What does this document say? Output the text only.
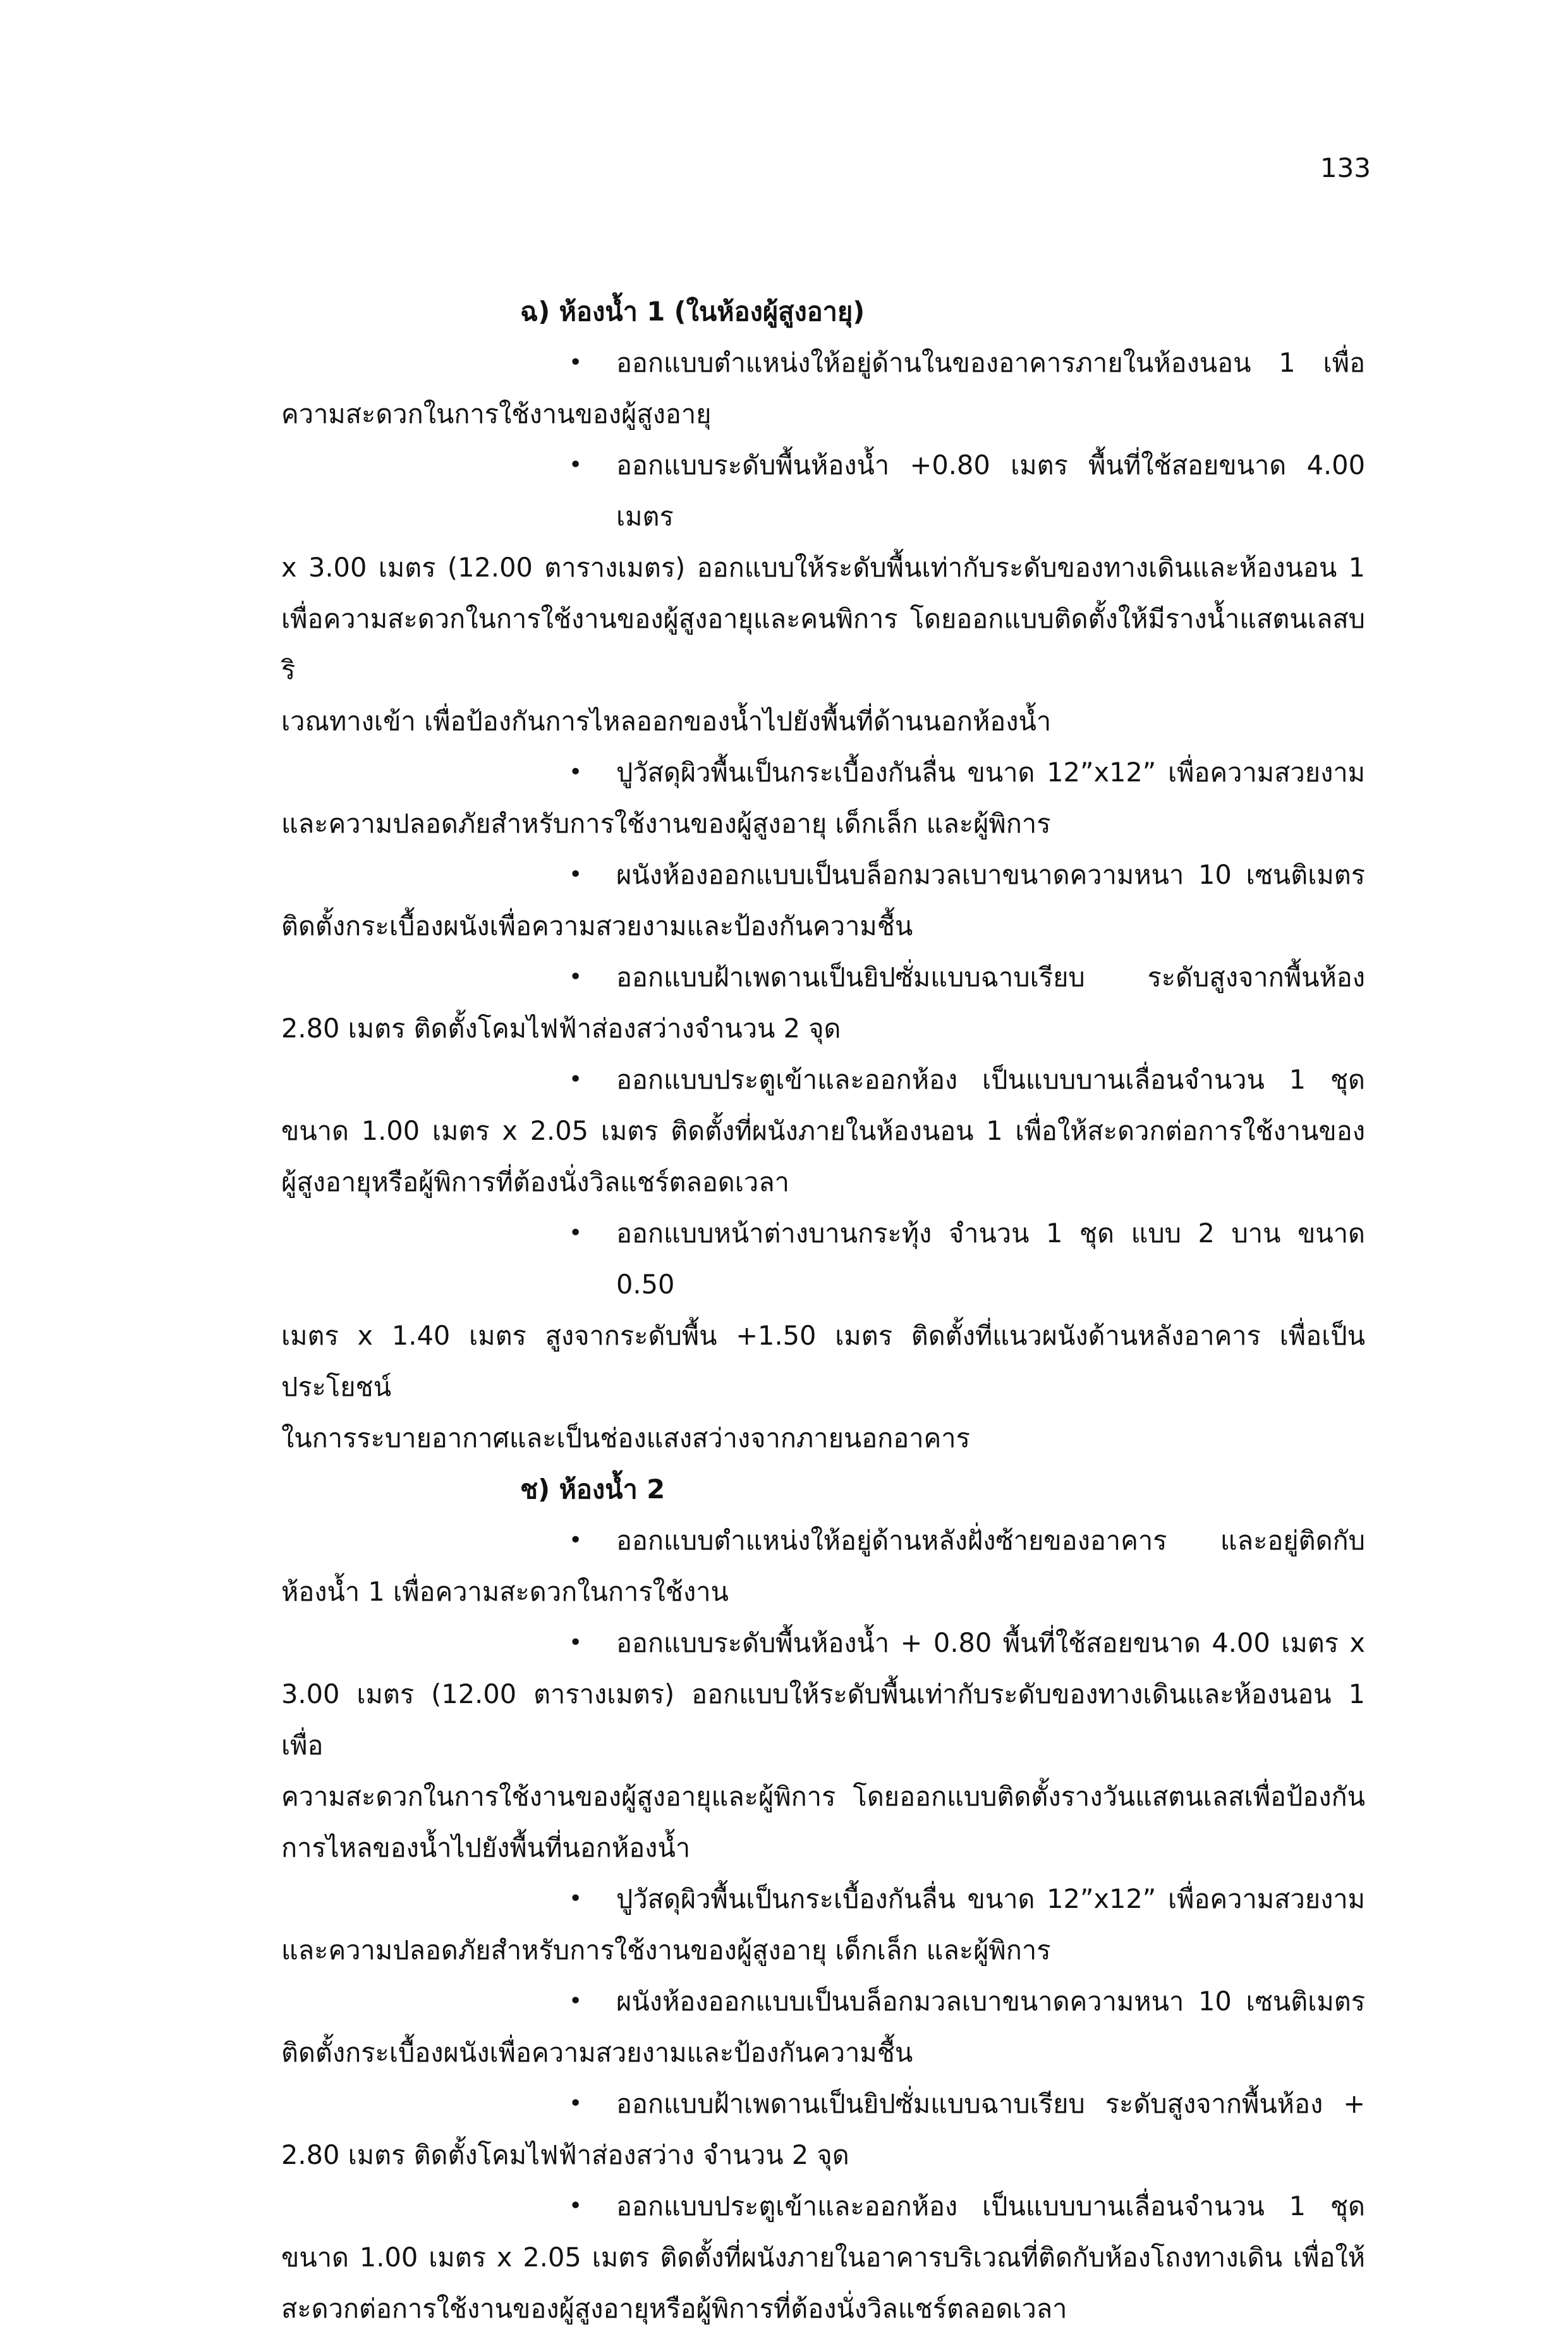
133
ฉ) ห้องน้ำ 1 (ในห้องผู้สูงอายุ)
•	ออกแบบตำแหน่งให้อยู่ด้านในของอาคารภายในห้องนอน 1 เพื่อ
ความสะดวกในการใช้งานของผู้สูงอายุ
•	ออกแบบระดับพื้นห้องน้ำ +0.80 เมตร พื้นที่ใช้สอยขนาด 4.00 เมตร
x 3.00 เมตร (12.00 ตารางเมตร) ออกแบบให้ระดับพื้นเท่ากับระดับของทางเดินและห้องนอน 1
เพื่อความสะดวกในการใช้งานของผู้สูงอายุและคนพิการ โดยออกแบบติดตั้งให้มีรางน้ำแสตนเลสบริ
เวณทางเข้า เพื่อป้องกันการไหลออกของน้ำไปยังพื้นที่ด้านนอกห้องน้ำ
•	ปูวัสดุผิวพื้นเป็นกระเบื้องกันลื่น ขนาด 12”x12” เพื่อความสวยงาม
และความปลอดภัยสำหรับการใช้งานของผู้สูงอายุ เด็กเล็ก และผู้พิการ
•	ผนังห้องออกแบบเป็นบล็อกมวลเบาขนาดความหนา 10 เซนติเมตร
ติดตั้งกระเบื้องผนังเพื่อความสวยงามและป้องกันความชื้น
•	ออกแบบฝ้าเพดานเป็นยิปซั่มแบบฉาบเรียบ ระดับสูงจากพื้นห้อง
2.80 เมตร ติดตั้งโคมไฟฟ้าส่องสว่างจำนวน 2 จุด
•	ออกแบบประตูเข้าและออกห้อง เป็นแบบบานเลื่อนจำนวน 1 ชุด
ขนาด 1.00 เมตร x 2.05 เมตร ติดตั้งที่ผนังภายในห้องนอน 1 เพื่อให้สะดวกต่อการใช้งานของ
ผู้สูงอายุหรือผู้พิการที่ต้องนั่งวิลแชร์ตลอดเวลา
•	ออกแบบหน้าต่างบานกระทุ้ง จำนวน 1 ชุด แบบ 2 บาน ขนาด 0.50
เมตร x 1.40 เมตร สูงจากระดับพื้น +1.50 เมตร ติดตั้งที่แนวผนังด้านหลังอาคาร เพื่อเป็นประโยชน์
ในการระบายอากาศและเป็นช่องแสงสว่างจากภายนอกอาคาร
ช) ห้องน้ำ 2
•	ออกแบบตำแหน่งให้อยู่ด้านหลังฝั่งซ้ายของอาคาร และอยู่ติดกับ
ห้องน้ำ 1 เพื่อความสะดวกในการใช้งาน
•	ออกแบบระดับพื้นห้องน้ำ + 0.80 พื้นที่ใช้สอยขนาด 4.00 เมตร x
3.00 เมตร (12.00 ตารางเมตร) ออกแบบให้ระดับพื้นเท่ากับระดับของทางเดินและห้องนอน 1 เพื่อ
ความสะดวกในการใช้งานของผู้สูงอายุและผู้พิการ โดยออกแบบติดตั้งรางวันแสตนเลสเพื่อป้องกัน
การไหลของน้ำไปยังพื้นที่นอกห้องน้ำ
•	ปูวัสดุผิวพื้นเป็นกระเบื้องกันลื่น ขนาด 12”x12” เพื่อความสวยงาม
และความปลอดภัยสำหรับการใช้งานของผู้สูงอายุ เด็กเล็ก และผู้พิการ
•	ผนังห้องออกแบบเป็นบล็อกมวลเบาขนาดความหนา 10 เซนติเมตร
ติดตั้งกระเบื้องผนังเพื่อความสวยงามและป้องกันความชื้น
•	ออกแบบฝ้าเพดานเป็นยิปซั่มแบบฉาบเรียบ ระดับสูงจากพื้นห้อง +
2.80 เมตร ติดตั้งโคมไฟฟ้าส่องสว่าง จำนวน 2 จุด
•	ออกแบบประตูเข้าและออกห้อง เป็นแบบบานเลื่อนจำนวน 1 ชุด
ขนาด 1.00 เมตร x 2.05 เมตร ติดตั้งที่ผนังภายในอาคารบริเวณที่ติดกับห้องโถงทางเดิน เพื่อให้
สะดวกต่อการใช้งานของผู้สูงอายุหรือผู้พิการที่ต้องนั่งวิลแชร์ตลอดเวลา
